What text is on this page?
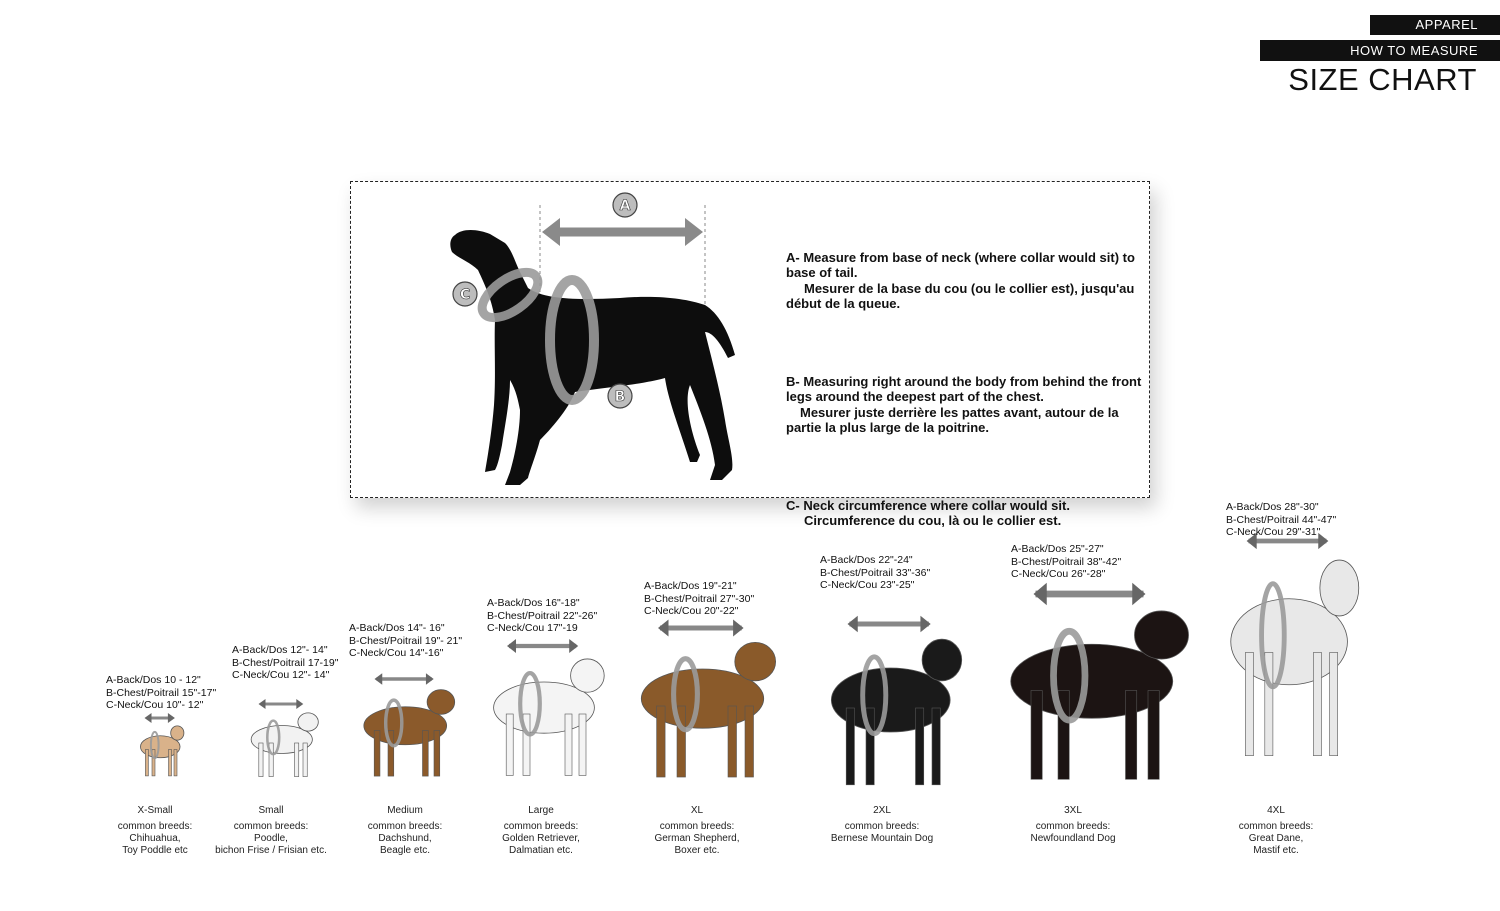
APPAREL
HOW TO MEASURE
SIZE CHART
A
B
C

A- Measure from base of neck (where collar would sit) to base of tail.

Mesurer de la base du cou (ou le collier est), jusqu'au début de la queue.

B- Measuring right around the body from behind the front legs around the deepest part of the chest.

Mesurer juste derrière les pattes avant, autour de la partie la plus large de la poitrine.

C- Neck circumference where collar would sit.

Circumference du cou, là ou le collier est.

A-Back/Dos 10 - 12"
B-Chest/Poitrail 15"-17"
C-Neck/Cou 10"- 12"
X-Small
common breeds:
Chihuahua,
Toy Poddle etc
A-Back/Dos 12"- 14"
B-Chest/Poitrail 17-19"
C-Neck/Cou 12"- 14"
Small
common breeds:
Poodle,
bichon Frise / Frisian etc.
A-Back/Dos 14"- 16"
B-Chest/Poitrail 19"- 21"
C-Neck/Cou 14"-16"
Medium
common breeds:
Dachshund,
Beagle etc.
A-Back/Dos 16"-18"
B-Chest/Poitrail 22"-26"
C-Neck/Cou 17"-19
Large
common breeds:
Golden Retriever,
Dalmatian etc.
A-Back/Dos 19"-21"
B-Chest/Poitrail 27"-30"
C-Neck/Cou 20"-22"
XL
common breeds:
German Shepherd,
Boxer etc.
A-Back/Dos 22"-24"
B-Chest/Poitrail 33"-36"
C-Neck/Cou 23"-25"
2XL
common breeds:
Bernese Mountain Dog
A-Back/Dos 25"-27"
B-Chest/Poitrail 38"-42"
C-Neck/Cou 26"-28"
3XL
common breeds:
Newfoundland Dog
A-Back/Dos 28"-30"
B-Chest/Poitrail 44"-47"
C-Neck/Cou 29"-31"
4XL
common breeds:
Great Dane,
Mastif etc.
